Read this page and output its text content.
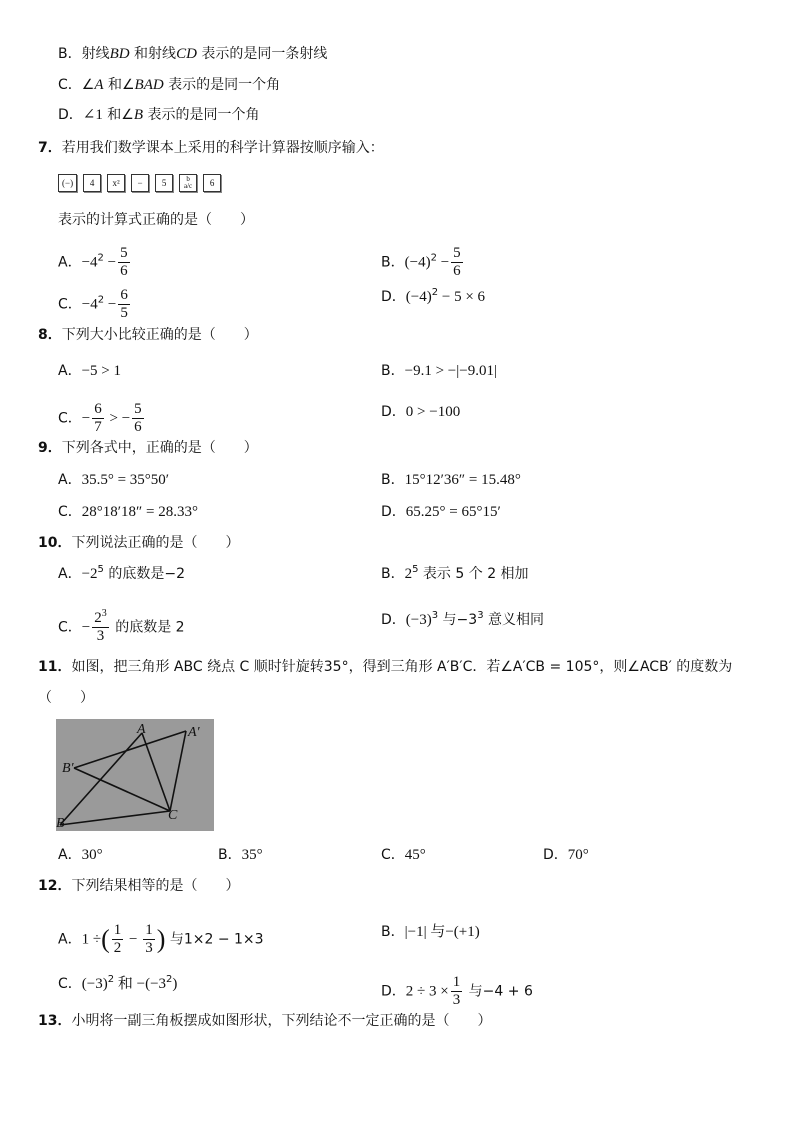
B．射线BD 和射线CD 表示的是同一条射线
C．∠A 和∠BAD 表示的是同一个角
D．∠1 和∠B 表示的是同一个角
7．若用我们数学课本上采用的科学计算器按顺序输入：
(−)	4	x²	−	5	b
a/c	6
表示的计算式正确的是（　　）
A．$-4^2 - \frac{5}{6}$	B．$(-4)^2 - \frac{5}{6}$
C．$-4^2 - \frac{6}{5}$	D．$(-4)^2 - 5 \times 6$
8．下列大小比较正确的是（　　）
A．−5 > 1	B．−9.1 > −|−9.01|
C．− $\frac{6}{7}$ > − $\frac{5}{6}$	D．0 > −100
9．下列各式中，正确的是（　　）
A．35.5° = 35°50′	B．15°12′36″ = 15.48°
C．28°18′18″ = 28.33°	D．65.25° = 65°15′
10．下列说法正确的是（　　）
A．$-2^5$ 的底数是−2	B．$2^5$ 表示 5 个 2 相加
C．− $\frac{2^3}{3}$ 的底数是 2	D．$(-3)^3$ 与$-3^3$ 意义相同
11．如图，把三角形 ABC 绕点 C 顺时针旋转35°，得到三角形 A′B′C．若∠A′CB = 105°，则∠ACB′ 的度数为
（　　）
A	A′
B′
B
C
A．30°	B．35°	C．45°	D．70°
12．下列结果相等的是（　　）
A．1 ÷( $\frac{1}{2} - \frac{1}{3}$ ) 与1×2 − 1×3	B．|−1| 与−(+1)
C．$(-3)^2$ 和 $-(-3^2)$	D．$2 \div 3 \times \frac{1}{3}$ 与−4 + 6
13．小明将一副三角板摆成如图形状，下列结论不一定正确的是（　　）
